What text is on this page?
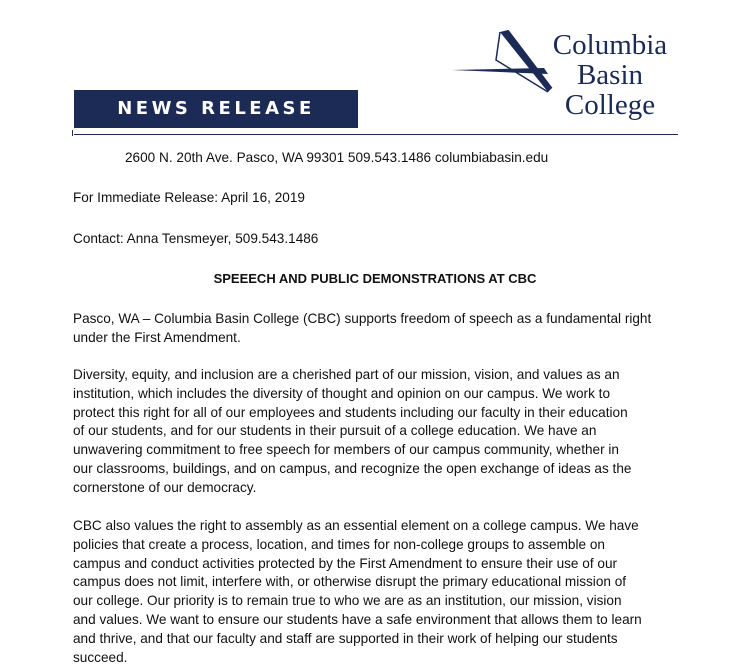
Columbia
Basin
College
NEWS RELEASE
2600 N. 20th Ave. Pasco, WA 99301 509.543.1486 columbiabasin.edu
For Immediate Release: April 16, 2019
Contact: Anna Tensmeyer, 509.543.1486
SPEEECH AND PUBLIC DEMONSTRATIONS AT CBC
Pasco, WA – Columbia Basin College (CBC) supports freedom of speech as a fundamental right
under the First Amendment.
Diversity, equity, and inclusion are a cherished part of our mission, vision, and values as an
institution, which includes the diversity of thought and opinion on our campus. We work to
protect this right for all of our employees and students including our faculty in their education
of our students, and for our students in their pursuit of a college education. We have an
unwavering commitment to free speech for members of our campus community, whether in
our classrooms, buildings, and on campus, and recognize the open exchange of ideas as the
cornerstone of our democracy.
CBC also values the right to assembly as an essential element on a college campus. We have
policies that create a process, location, and times for non-college groups to assemble on
campus and conduct activities protected by the First Amendment to ensure their use of our
campus does not limit, interfere with, or otherwise disrupt the primary educational mission of
our college. Our priority is to remain true to who we are as an institution, our mission, vision
and values. We want to ensure our students have a safe environment that allows them to learn
and thrive, and that our faculty and staff are supported in their work of helping our students
succeed.
